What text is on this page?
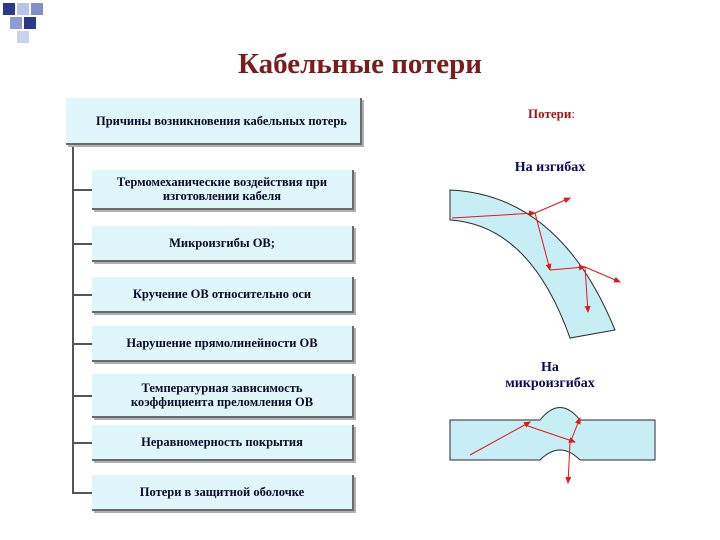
Кабельные потери
Причины возникновения кабельных потерь
Термомеханические воздействия при изготовлении кабеля
Микроизгибы ОВ;
Кручение ОВ относительно оси
Нарушение прямолинейности ОВ
Температурная зависимость коэффициента преломления ОВ
Неравномерность покрытия
Потери в защитной оболочке
Потери:
На изгибах
На
микроизгибах
